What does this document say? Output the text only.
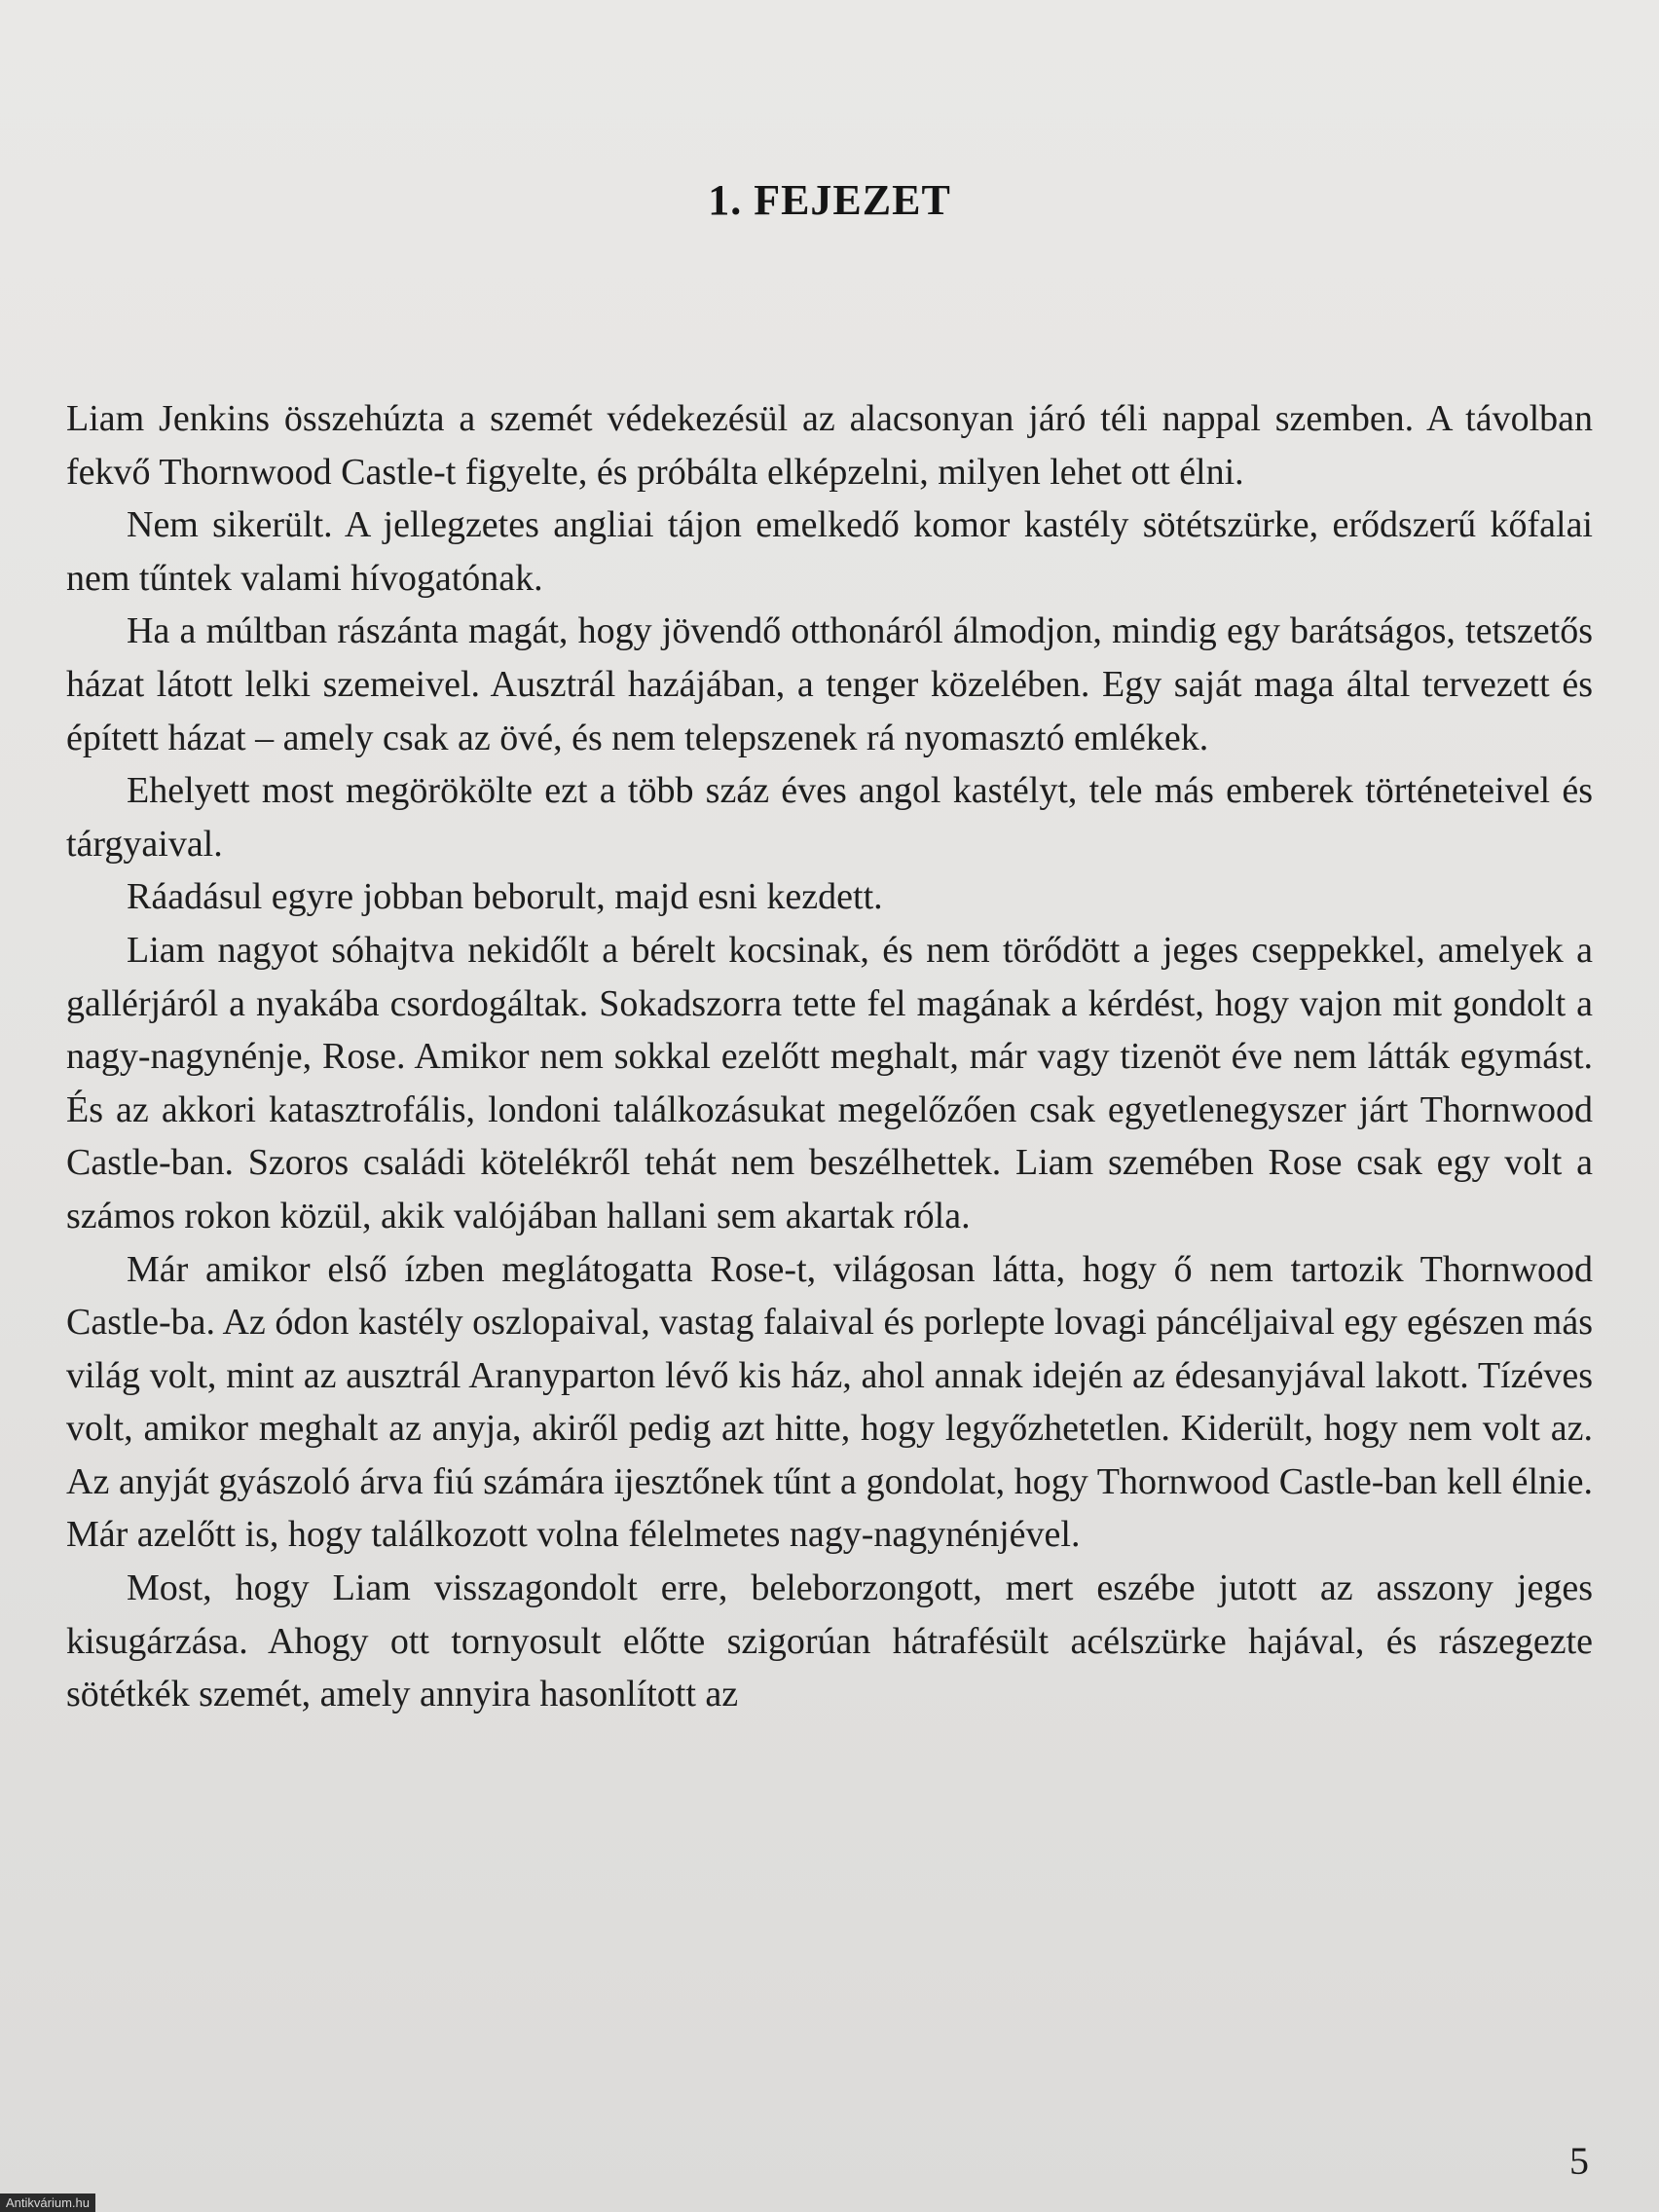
1. FEJEZET

Liam Jenkins összehúzta a szemét védekezésül az alacsonyan járó téli nappal szemben. A távolban fekvő Thornwood Castle-t figyelte, és próbálta elképzelni, milyen lehet ott élni.

Nem sikerült. A jellegzetes angliai tájon emelkedő komor kastély sötétszürke, erődszerű kőfalai nem tűntek valami hívogatónak.

Ha a múltban rászánta magát, hogy jövendő otthonáról álmodjon, mindig egy barátságos, tetszetős házat látott lelki szemeivel. Ausztrál hazájában, a tenger közelében. Egy saját maga által tervezett és épített házat – amely csak az övé, és nem telepszenek rá nyomasztó emlékek.

Ehelyett most megörökölte ezt a több száz éves angol kastélyt, tele más emberek történeteivel és tárgyaival.

Ráadásul egyre jobban beborult, majd esni kezdett.

Liam nagyot sóhajtva nekidőlt a bérelt kocsinak, és nem törődött a jeges cseppekkel, amelyek a gallérjáról a nyakába csordogáltak. Sokadszorra tette fel magának a kérdést, hogy vajon mit gondolt a nagy-nagynénje, Rose. Amikor nem sokkal ezelőtt meghalt, már vagy tizenöt éve nem látták egymást. És az akkori katasztrofális, londoni találkozásukat megelőzően csak egyetlenegyszer járt Thornwood Castle-ban. Szoros családi kötelékről tehát nem beszélhettek. Liam szemében Rose csak egy volt a számos rokon közül, akik valójában hallani sem akartak róla.

Már amikor első ízben meglátogatta Rose-t, világosan látta, hogy ő nem tartozik Thornwood Castle-ba. Az ódon kastély oszlopaival, vastag falaival és porlepte lovagi páncéljaival egy egészen más világ volt, mint az ausztrál Aranyparton lévő kis ház, ahol annak idején az édesanyjával lakott. Tízéves volt, amikor meghalt az anyja, akiről pedig azt hitte, hogy legyőzhetetlen. Kiderült, hogy nem volt az. Az anyját gyászoló árva fiú számára ijesztőnek tűnt a gondolat, hogy Thornwood Castle-ban kell élnie. Már azelőtt is, hogy találkozott volna félelmetes nagy-nagynénjével.

Most, hogy Liam visszagondolt erre, beleborzongott, mert eszébe jutott az asszony jeges kisugárzása. Ahogy ott tornyosult előtte szigorúan hátrafésült acélszürke hajával, és rászegezte sötétkék szemét, amely annyira hasonlított az

5
Antikvárium.hu
